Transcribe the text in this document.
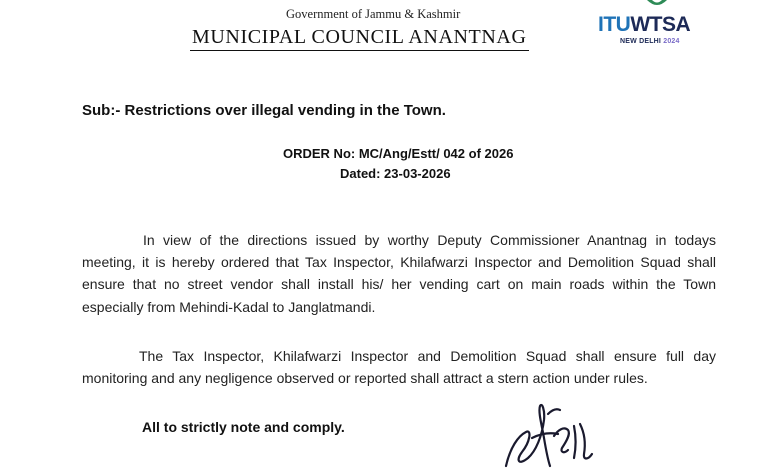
Government of Jammu & Kashmir
MUNICIPAL COUNCIL ANANTNAG
ITUWTSA
NEW DELHI 2024
Sub:- Restrictions over illegal vending in the Town.
ORDER No: MC/Ang/Estt/ 042 of 2026
Dated: 23-03-2026
In view of the directions issued by worthy Deputy Commissioner Anantnag in todays meeting, it is hereby ordered that Tax Inspector, Khilafwarzi Inspector and Demolition Squad shall ensure that no street vendor shall install his/ her vending cart on main roads within the Town especially from Mehindi-Kadal to Janglatmandi.
The Tax Inspector, Khilafwarzi Inspector and Demolition Squad shall ensure full day monitoring and any negligence observed or reported shall attract a stern action under rules.
All to strictly note and comply.
